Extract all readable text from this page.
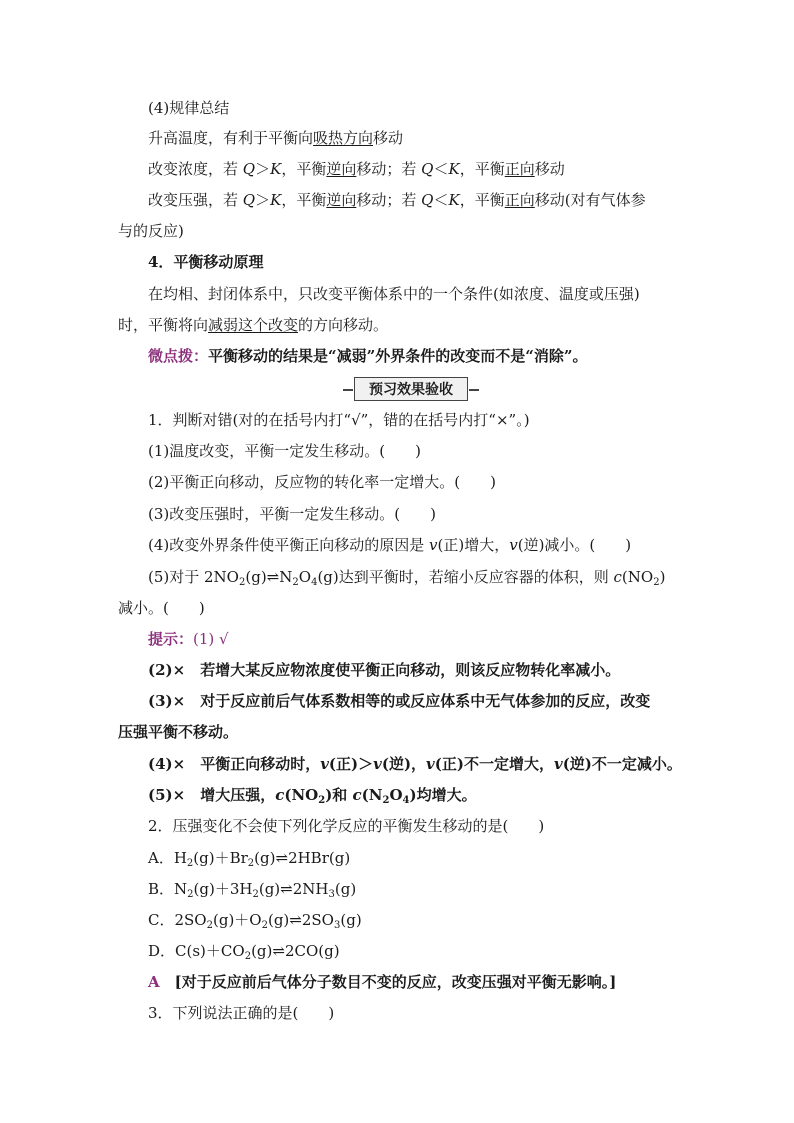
(4)规律总结
升高温度，有利于平衡向吸热方向移动
改变浓度，若 Q＞K，平衡逆向移动；若 Q＜K，平衡正向移动
改变压强，若 Q＞K，平衡逆向移动；若 Q＜K，平衡正向移动(对有气体参
与的反应)
4．平衡移动原理
在均相、封闭体系中，只改变平衡体系中的一个条件(如浓度、温度或压强)
时，平衡将向减弱这个改变的方向移动。
微点拨：平衡移动的结果是“减弱”外界条件的改变而不是“消除”。
预习效果验收
1．判断对错(对的在括号内打“√”，错的在括号内打“×”。)
(1)温度改变，平衡一定发生移动。(　　)
(2)平衡正向移动，反应物的转化率一定增大。(　　)
(3)改变压强时，平衡一定发生移动。(　　)
(4)改变外界条件使平衡正向移动的原因是 v(正)增大，v(逆)减小。(　　)
(5)对于 $2NO_2(g)\rightleftharpoons N_2O_4(g)$达到平衡时，若缩小反应容器的体积，则 $c(NO_2)$
减小。(　　)
提示：(1) √
(2)×　若增大某反应物浓度使平衡正向移动，则该反应物转化率减小。
(3)×　对于反应前后气体系数相等的或反应体系中无气体参加的反应，改变
压强平衡不移动。
(4)×　平衡正向移动时，v(正)＞v(逆)，v(正)不一定增大，v(逆)不一定减小。
(5)×　增大压强，$c(NO_2)$和 $c(N_2O_4)$均增大。
2．压强变化不会使下列化学反应的平衡发生移动的是(　　)
A．$H_2(g)+Br_2(g)\rightleftharpoons 2HBr(g)$
B．$N_2(g)+3H_2(g)\rightleftharpoons 2NH_3(g)$
C．$2SO_2(g)+O_2(g)\rightleftharpoons 2SO_3(g)$
D．$C(s)+CO_2(g)\rightleftharpoons 2CO(g)$
A　 [对于反应前后气体分子数目不变的反应，改变压强对平衡无影响。]
3．下列说法正确的是(　　)
